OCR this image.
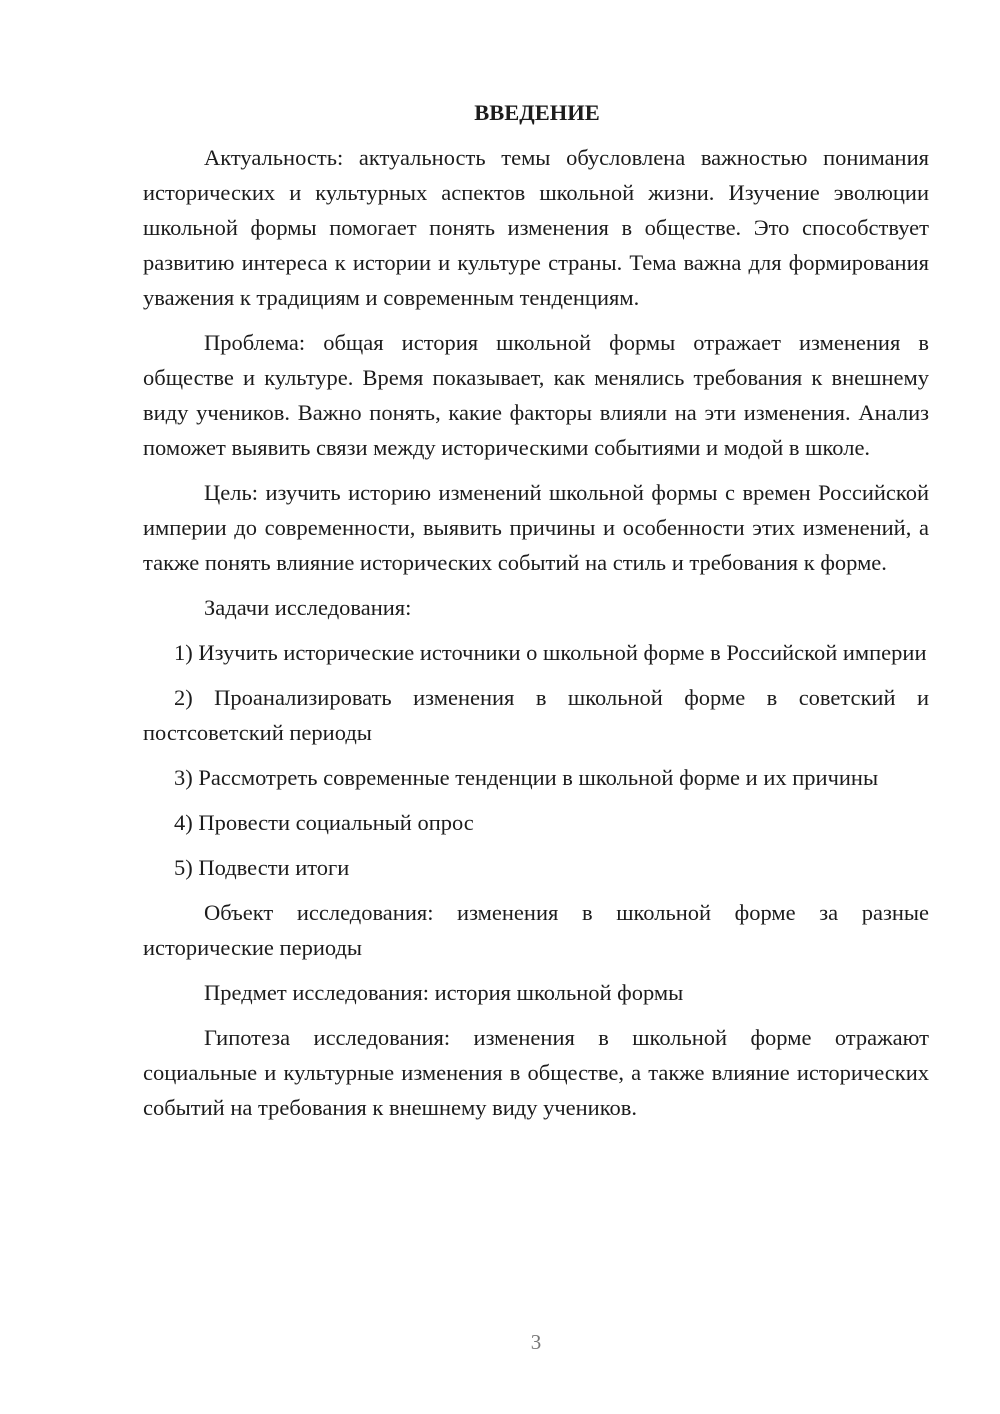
ВВЕДЕНИЕ

Актуальность: актуальность темы обусловлена важностью понимания исторических и культурных аспектов школьной жизни. Изучение эволюции школьной формы помогает понять изменения в обществе. Это способствует развитию интереса к истории и культуре страны. Тема важна для формирования уважения к традициям и современным тенденциям.

Проблема: общая история школьной формы отражает изменения в обществе и культуре. Время показывает, как менялись требования к внешнему виду учеников. Важно понять, какие факторы влияли на эти изменения. Анализ поможет выявить связи между историческими событиями и модой в школе.

Цель: изучить историю изменений школьной формы с времен Российской империи до современности, выявить причины и особенности этих изменений, а также понять влияние исторических событий на стиль и требования к форме.

Задачи исследования:

1) Изучить исторические источники о школьной форме в Российской империи

2) Проанализировать изменения в школьной форме в советский и постсоветский периоды

3) Рассмотреть современные тенденции в школьной форме и их причины

4) Провести социальный опрос

5) Подвести итоги

Объект исследования: изменения в школьной форме за разные исторические периоды

Предмет исследования: история школьной формы

Гипотеза исследования: изменения в школьной форме отражают социальные и культурные изменения в обществе, а также влияние исторических событий на требования к внешнему виду учеников.

3
